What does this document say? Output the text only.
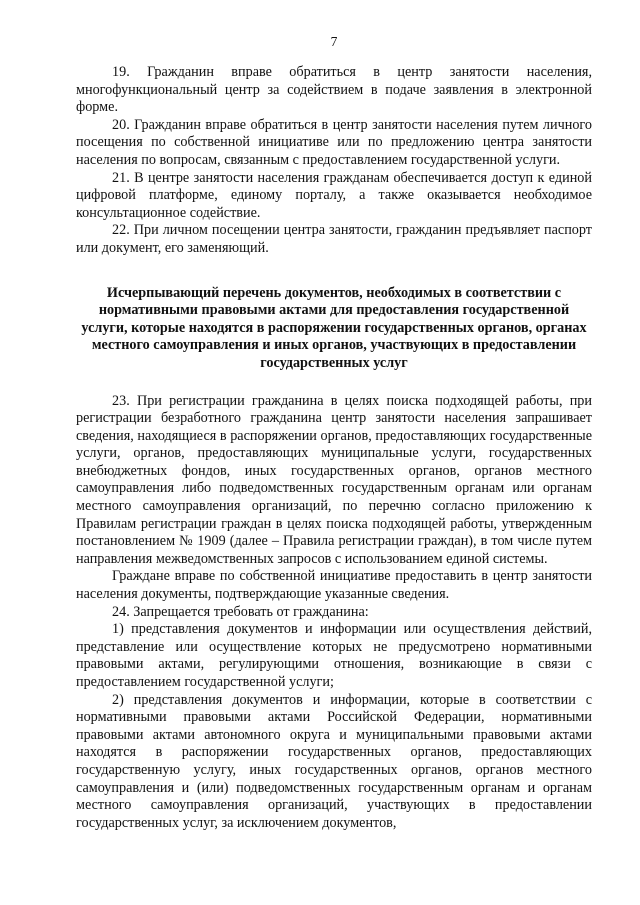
7

19. Гражданин вправе обратиться в центр занятости населения, многофункциональный центр за содействием в подаче заявления в электронной форме.

20. Гражданин вправе обратиться в центр занятости населения путем личного посещения по собственной инициативе или по предложению центра занятости населения по вопросам, связанным с предоставлением государственной услуги.

21. В центре занятости населения гражданам обеспечивается доступ к единой цифровой платформе, единому порталу, а также оказывается необходимое консультационное содействие.

22. При личном посещении центра занятости, гражданин предъявляет паспорт или документ, его заменяющий.

Исчерпывающий перечень документов, необходимых в соответствии с нормативными правовыми актами для предоставления государственной услуги, которые находятся в распоряжении государственных органов, органах местного самоуправления и иных органов, участвующих в предоставлении государственных услуг

23. При регистрации гражданина в целях поиска подходящей работы, при регистрации безработного гражданина центр занятости населения запрашивает сведения, находящиеся в распоряжении органов, предоставляющих государственные услуги, органов, предоставляющих муниципальные услуги, государственных внебюджетных фондов, иных государственных органов, органов местного самоуправления либо подведомственных государственным органам или органам местного самоуправления организаций, по перечню согласно приложению к Правилам регистрации граждан в целях поиска подходящей работы, утвержденным постановлением № 1909 (далее – Правила регистрации граждан), в том числе путем направления межведомственных запросов с использованием единой системы.

Граждане вправе по собственной инициативе предоставить в центр занятости населения документы, подтверждающие указанные сведения.

24. Запрещается требовать от гражданина:

1) представления документов и информации или осуществления действий, представление или осуществление которых не предусмотрено нормативными правовыми актами, регулирующими отношения, возникающие в связи с предоставлением государственной услуги;

2) представления документов и информации, которые в соответствии с нормативными правовыми актами Российской Федерации, нормативными правовыми актами автономного округа и муниципальными правовыми актами находятся в распоряжении государственных органов, предоставляющих государственную услугу, иных государственных органов, органов местного самоуправления и (или) подведомственных государственным органам и органам местного самоуправления организаций, участвующих в предоставлении государственных услуг, за исключением документов,
